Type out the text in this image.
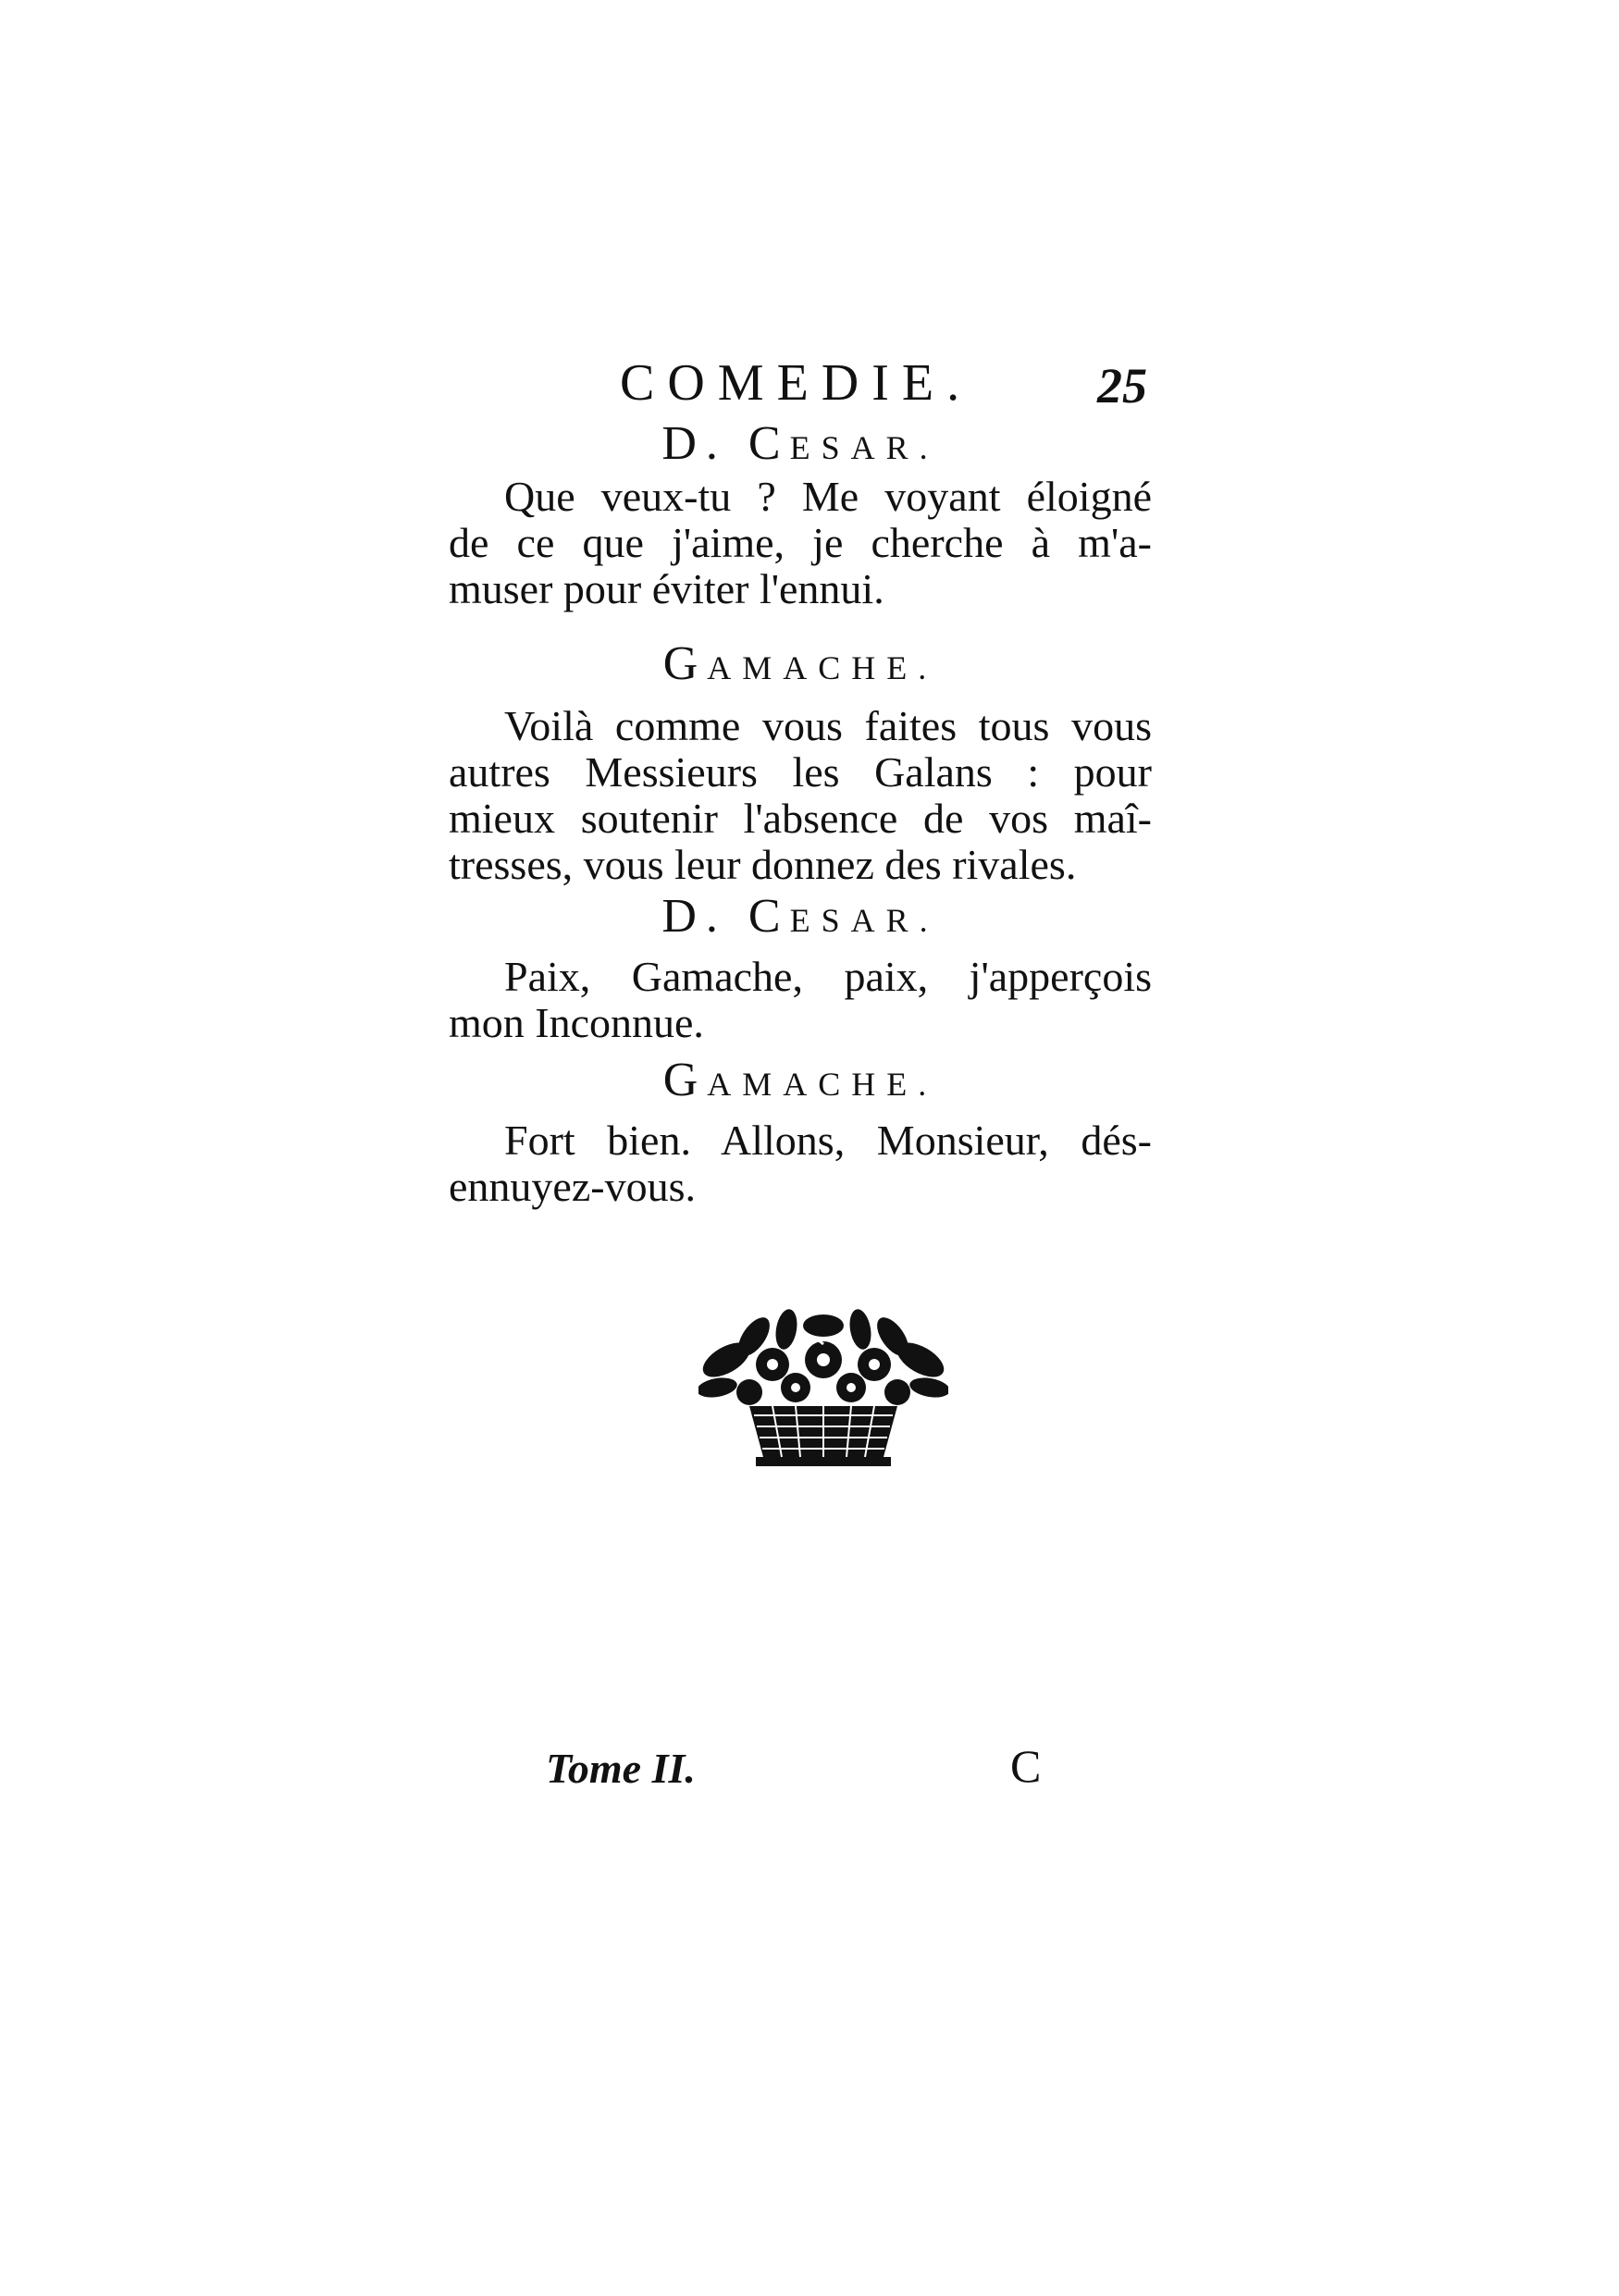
COMEDIE. 25

D. CESAR.

Que veux-tu ? Me voyant éloigné
de ce que j'aime, je cherche à m'a-
muser pour éviter l'ennui.

GAMACHE.

Voilà comme vous faites tous vous
autres Messieurs les Galans : pour
mieux soutenir l'absence de vos maî-
tresses, vous leur donnez des rivales.

D. CESAR.

Paix, Gamache, paix, j'apperçois
mon Inconnue.

GAMACHE.

Fort bien. Allons, Monsieur, dés-
ennuyez-vous.

Tome II.	C
